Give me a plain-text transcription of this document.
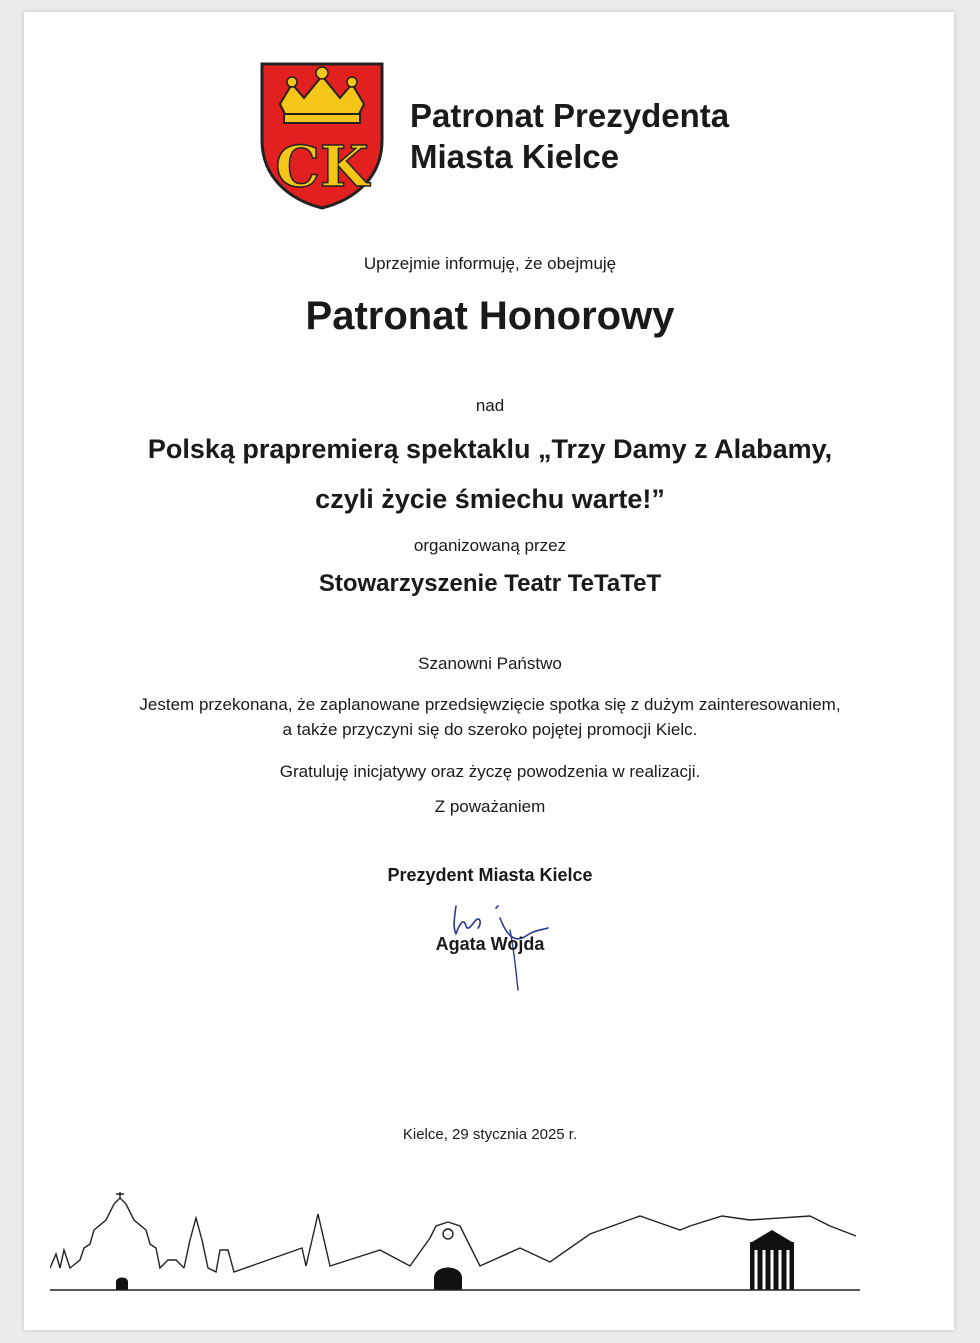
CK
Patronat Prezydenta
Miasta Kielce
Uprzejmie informuję, że obejmuję
Patronat Honorowy
nad
Polską prapremierą spektaklu „Trzy Damy z Alabamy,
czyli życie śmiechu warte!”
organizowaną przez
Stowarzyszenie Teatr TeTaTeT
Szanowni Państwo
Jestem przekonana, że zaplanowane przedsięwzięcie spotka się z dużym zainteresowaniem,
a także przyczyni się do szeroko pojętej promocji Kielc.
Gratuluję inicjatywy oraz życzę powodzenia w realizacji.
Z poważaniem
Prezydent Miasta Kielce
Agata Wojda
Kielce, 29 stycznia 2025 r.
